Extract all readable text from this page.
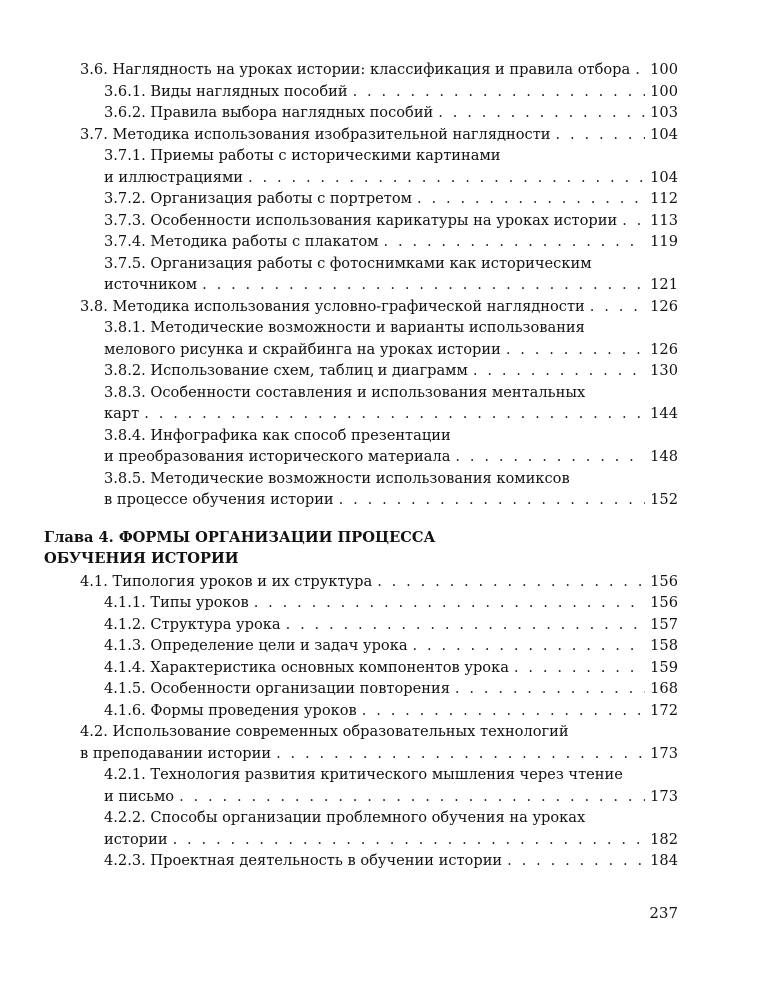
3.6. Наглядность на уроках истории: классификация и правила отбора . . . 100
3.6.1. Виды наглядных пособий . . .	100
3.6.2. Правила выбора наглядных пособий . . .	103
3.7. Методика использования изобразительной наглядности . . .	104
3.7.1. Приемы работы с историческими картинами
и иллюстрациями . . .	104
3.7.2. Организация работы с портретом . . .	112
3.7.3. Особенности использования карикатуры на уроках истории . . . 113
3.7.4. Методика работы с плакатом . . .	119
3.7.5. Организация работы с фотоснимками как историческим
источником . . .	121
3.8. Методика использования условно-графической наглядности . . .	126
3.8.1. Методические возможности и варианты использования
мелового рисунка и скрайбинга на уроках истории . . .	126
3.8.2. Использование схем, таблиц и диаграмм . . .	130
3.8.3. Особенности составления и использования ментальных
карт . . .	144
3.8.4. Инфографика как способ презентации
и преобразования исторического материала . . .	148
3.8.5. Методические возможности использования комиксов
в процессе обучения истории . . .	152
Глава 4. ФОРМЫ ОРГАНИЗАЦИИ ПРОЦЕССА
ОБУЧЕНИЯ ИСТОРИИ
4.1. Типология уроков и их структура . . .	156
4.1.1. Типы уроков . . .	156
4.1.2. Структура урока . . .	157
4.1.3. Определение цели и задач урока . . .	158
4.1.4. Характеристика основных компонентов урока . . .	159
4.1.5. Особенности организации повторения . . .	168
4.1.6. Формы проведения уроков . . .	172
4.2. Использование современных образовательных технологий
в преподавании истории . . .	173
4.2.1. Технология развития критического мышления через чтение
и письмо . . .	173
4.2.2. Способы организации проблемного обучения на уроках
истории . . .	182
4.2.3. Проектная деятельность в обучении истории . . .	184
237
